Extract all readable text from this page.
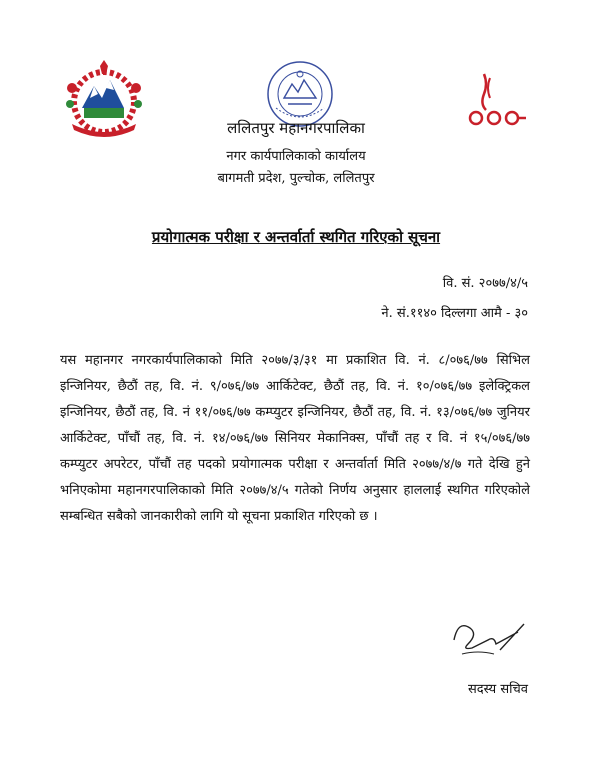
ललितपुर महानगरपालिका
नगर कार्यपालिकाको कार्यालय
बागमती प्रदेश, पुल्चोक, ललितपुर
प्रयोगात्मक परीक्षा र अन्तर्वार्ता स्थगित गरिएको सूचना
वि. सं. २०७७/४/५
ने. सं.११४० दिल्लगा आमै - ३०

यस महानगर नगरकार्यपालिकाको मिति २०७७/३/३१ मा प्रकाशित वि. नं. ८/०७६/७७ सिभिल इन्जिनियर, छैठौं तह, वि. नं. ९/०७६/७७ आर्किटेक्ट, छैठौं तह, वि. नं. १०/०७६/७७ इलेक्ट्रिकल इन्जिनियर, छैठौं तह, वि. नं ११/०७६/७७ कम्प्युटर इन्जिनियर, छैठौं तह, वि. नं. १३/०७६/७७ जुनियर आर्किटेक्ट, पाँचौं तह, वि. नं. १४/०७६/७७ सिनियर मेकानिक्स, पाँचौं तह र वि. नं १५/०७६/७७ कम्प्युटर अपरेटर, पाँचौं तह पदको प्रयोगात्मक परीक्षा र अन्तर्वार्ता मिति २०७७/४/७ गते देखि हुने भनिएकोमा महानगरपालिकाको मिति २०७७/४/५ गतेको निर्णय अनुसार हाललाई स्थगित गरिएकोले सम्बन्धित सबैको जानकारीको लागि यो सूचना प्रकाशित गरिएको छ ।

सदस्य सचिव
